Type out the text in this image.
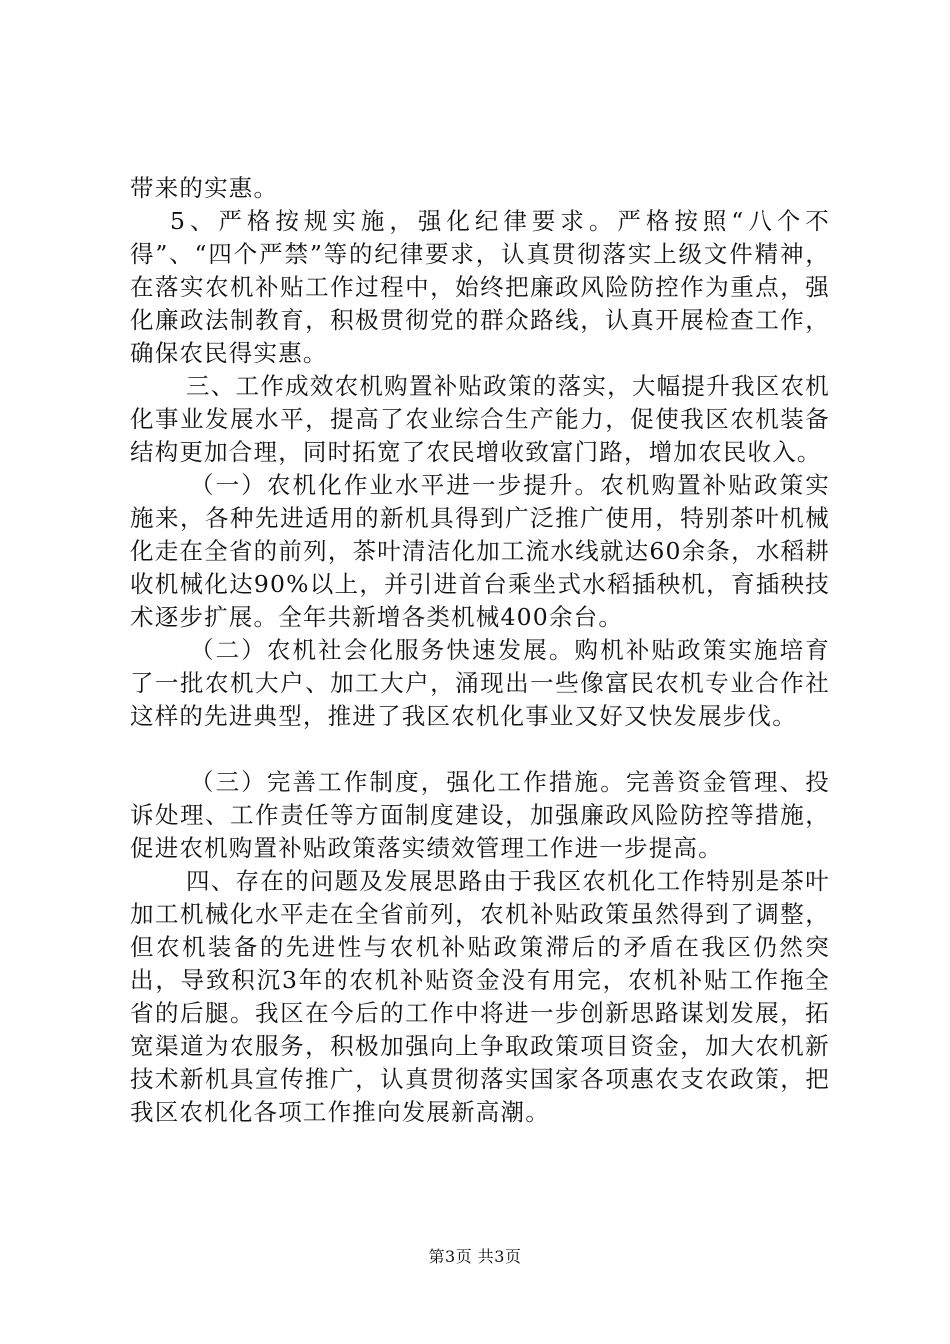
带来的实惠。

5、严格按规实施，强化纪律要求。严格按照“八个不得”、“四个严禁”等的纪律要求，认真贯彻落实上级文件精神，在落实农机补贴工作过程中，始终把廉政风险防控作为重点，强化廉政法制教育，积极贯彻党的群众路线，认真开展检查工作，确保农民得实惠。

三、工作成效农机购置补贴政策的落实，大幅提升我区农机化事业发展水平，提高了农业综合生产能力，促使我区农机装备结构更加合理，同时拓宽了农民增收致富门路，增加农民收入。

（一）农机化作业水平进一步提升。农机购置补贴政策实施来，各种先进适用的新机具得到广泛推广使用，特别茶叶机械化走在全省的前列，茶叶清洁化加工流水线就达60余条，水稻耕收机械化达90%以上，并引进首台乘坐式水稻插秧机，育插秧技术逐步扩展。全年共新增各类机械400余台。

（二）农机社会化服务快速发展。购机补贴政策实施培育了一批农机大户、加工大户，涌现出一些像富民农机专业合作社这样的先进典型，推进了我区农机化事业又好又快发展步伐。

（三）完善工作制度，强化工作措施。完善资金管理、投诉处理、工作责任等方面制度建设，加强廉政风险防控等措施，促进农机购置补贴政策落实绩效管理工作进一步提高。

四、存在的问题及发展思路由于我区农机化工作特别是茶叶加工机械化水平走在全省前列，农机补贴政策虽然得到了调整，但农机装备的先进性与农机补贴政策滞后的矛盾在我区仍然突出，导致积沉3年的农机补贴资金没有用完，农机补贴工作拖全省的后腿。我区在今后的工作中将进一步创新思路谋划发展，拓宽渠道为农服务，积极加强向上争取政策项目资金，加大农机新技术新机具宣传推广，认真贯彻落实国家各项惠农支农政策，把我区农机化各项工作推向发展新高潮。

第3页 共3页
